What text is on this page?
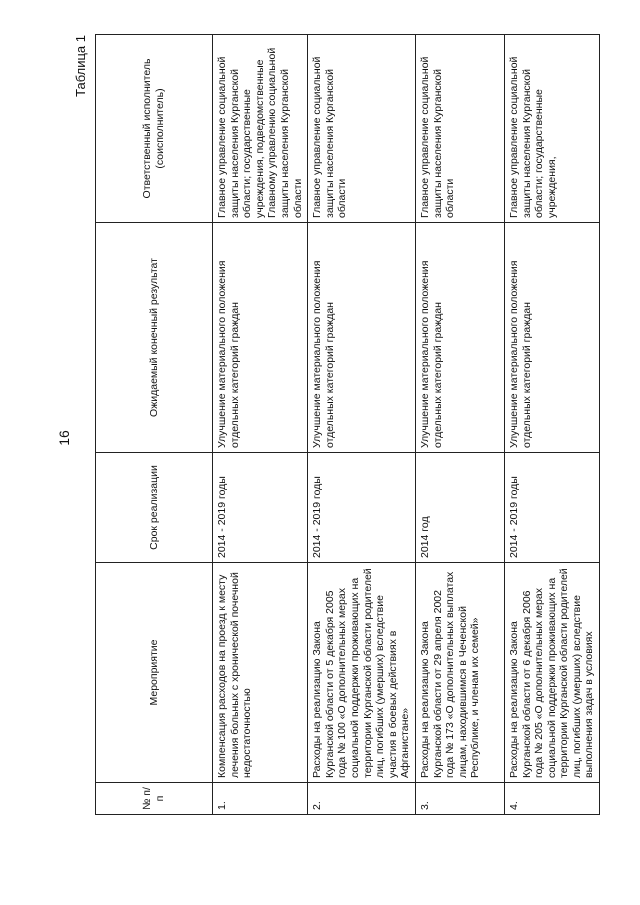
16
Таблица 1
№ п/п	Мероприятие	Срок реализации	Ожидаемый конечный результат	Ответственный исполнитель (соисполнитель)
1.	Компенсация расходов на проезд к месту лечения больных с хронической почечной недостаточностью	2014 - 2019 годы	Улучшение материального положения отдельных категорий граждан	Главное управление социальной защиты населения Курганской области; государственные учреждения, подведомственные Главному управлению социальной защиты населения Курганской области
2.	Расходы на реализацию Закона Курганской области от 5 декабря 2005 года № 100 «О дополнительных мерах социальной поддержки проживающих на территории Курганской области родителей лиц, погибших (умерших) вследствие участия в боевых действиях в Афганистане»	2014 - 2019 годы	Улучшение материального положения отдельных категорий граждан	Главное управление социальной защиты населения Курганской области
3.	Расходы на реализацию Закона Курганской области от 29 апреля 2002 года № 173 «О дополнительных выплатах лицам, находившимся в Чеченской Республике, и членам их семей»	2014 год	Улучшение материального положения отдельных категорий граждан	Главное управление социальной защиты населения Курганской области
4.	Расходы на реализацию Закона Курганской области от 6 декабря 2006 года № 205 «О дополнительных мерах социальной поддержки проживающих на территории Курганской области родителей лиц, погибших (умерших) вследствие выполнения задач в условиях	2014 - 2019 годы	Улучшение материального положения отдельных категорий граждан	Главное управление социальной защиты населения Курганской области; государственные учреждения,
